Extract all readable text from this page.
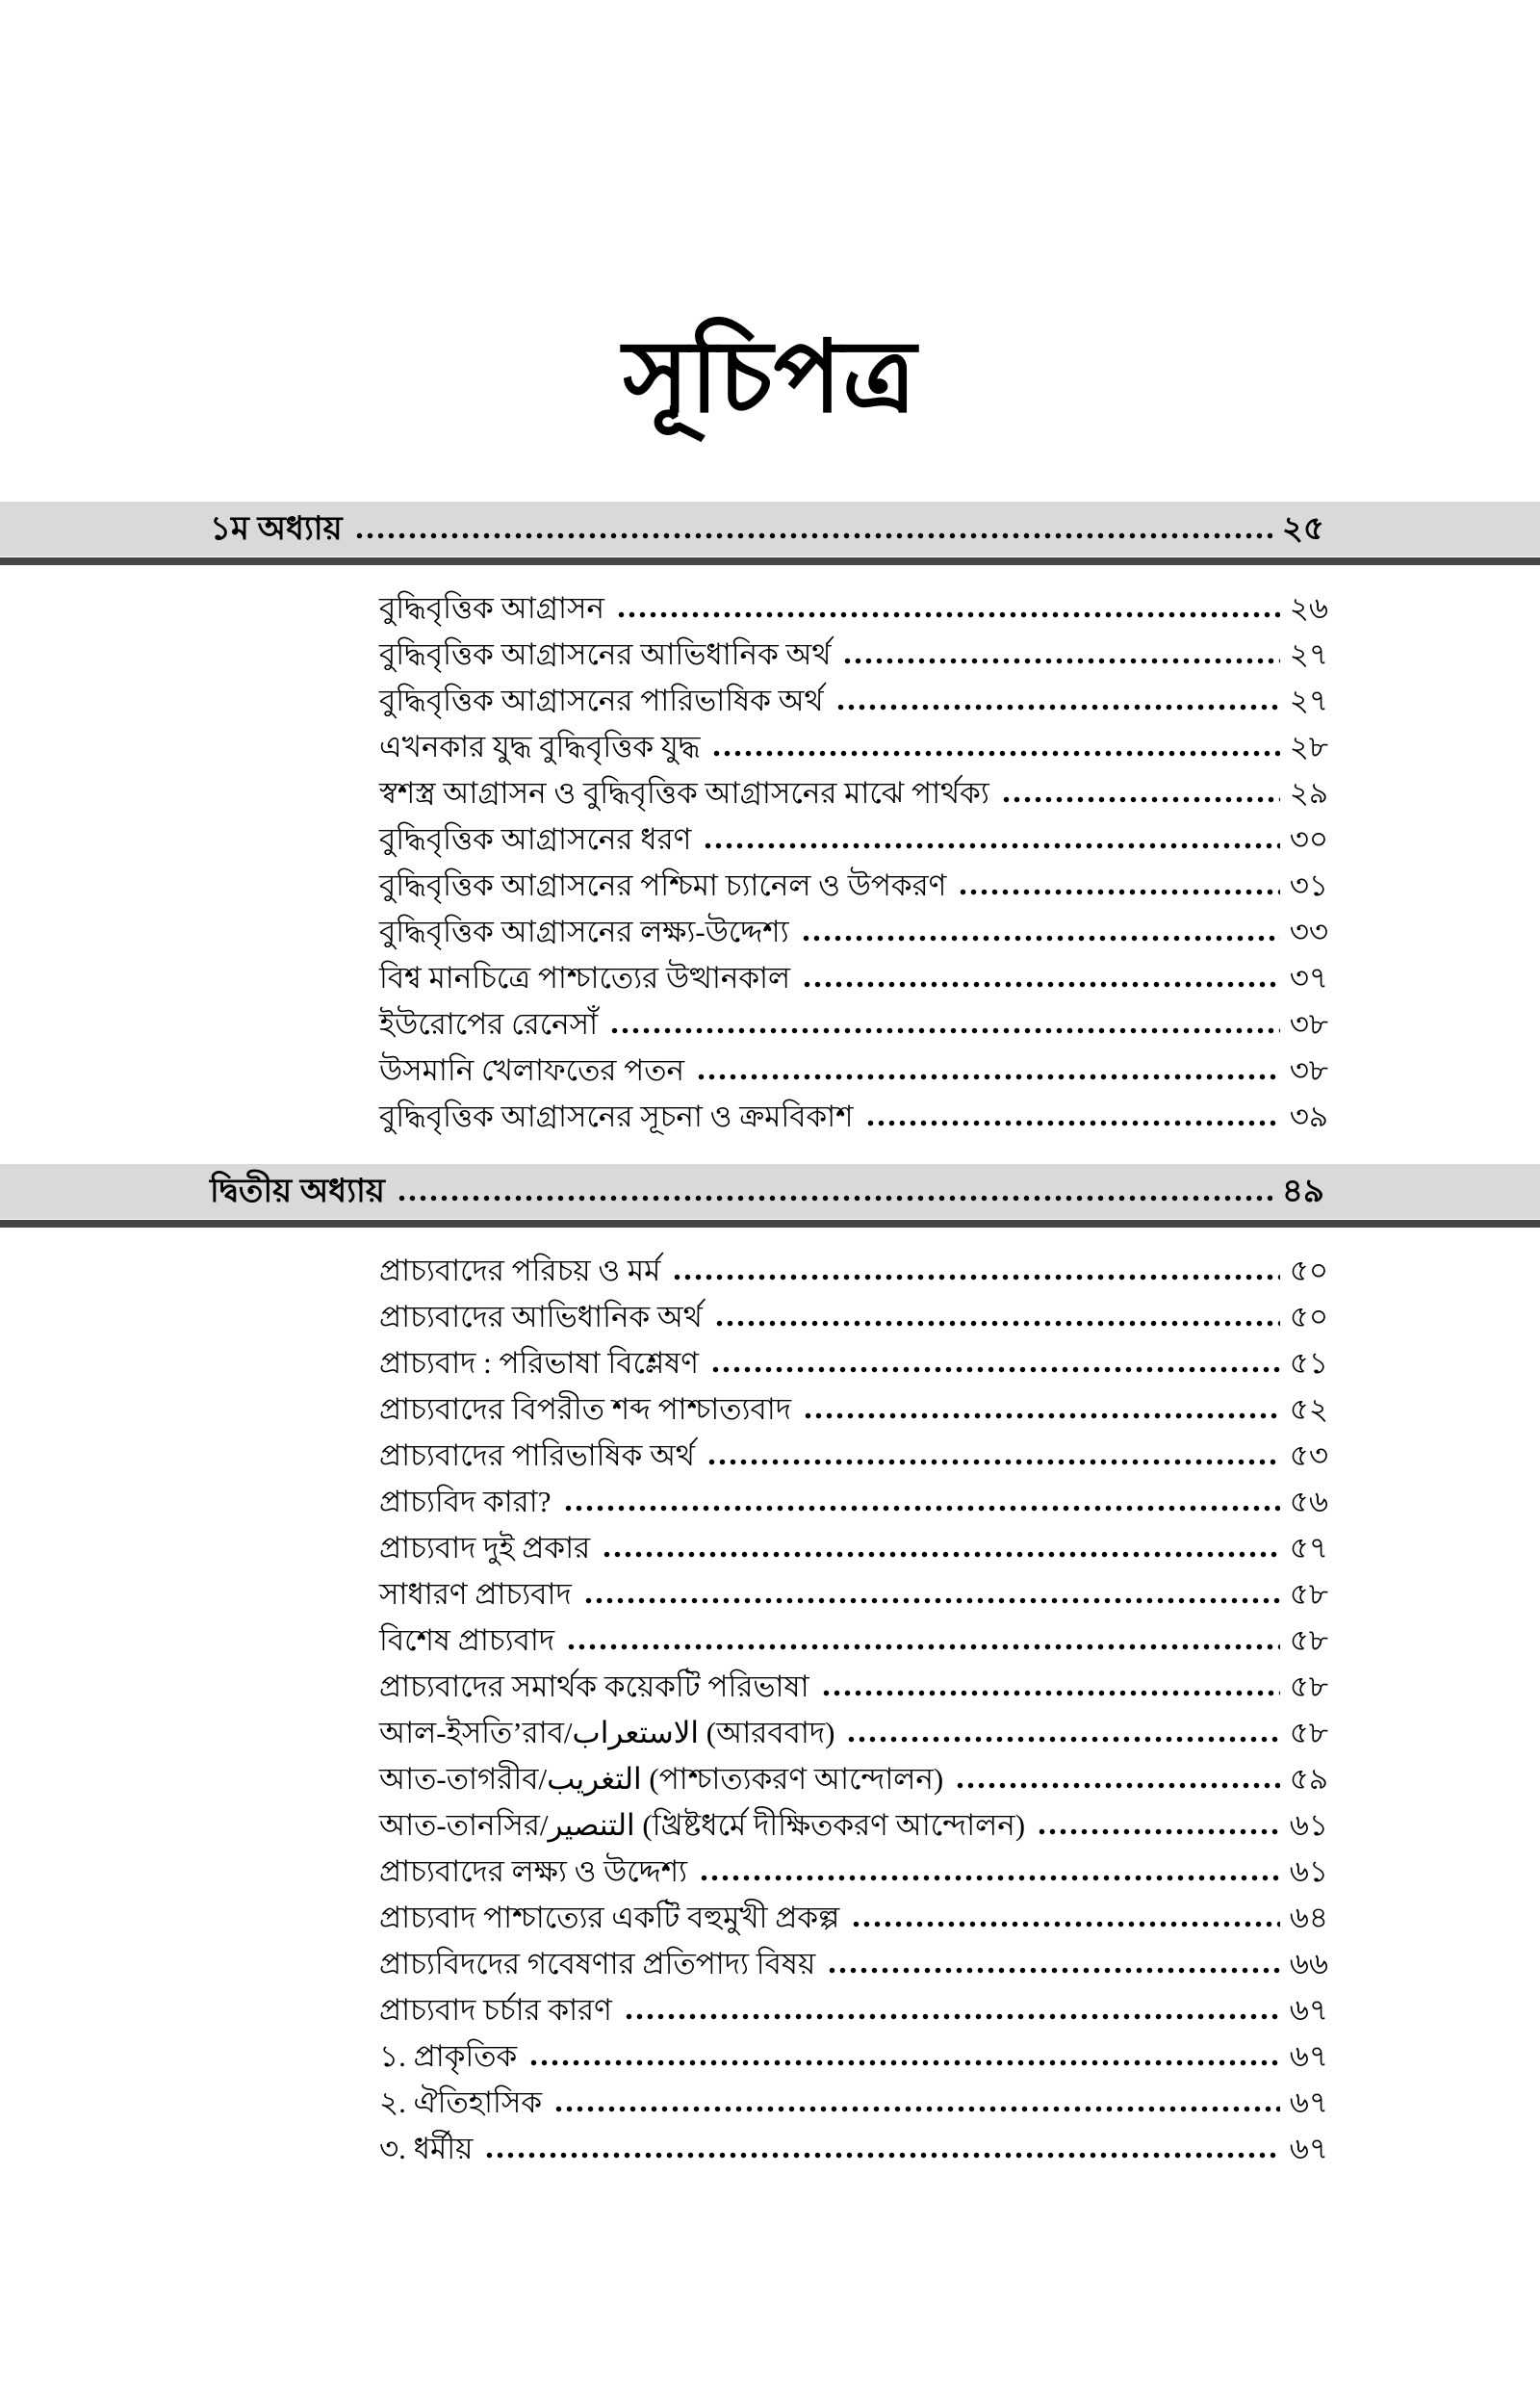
সূচিপত্র
১ম অধ্যায়	২৫
বুদ্ধিবৃত্তিক আগ্রাসন	২৬
বুদ্ধিবৃত্তিক আগ্রাসনের আভিধানিক অর্থ	২৭
বুদ্ধিবৃত্তিক আগ্রাসনের পারিভাষিক অর্থ	২৭
এখনকার যুদ্ধ বুদ্ধিবৃত্তিক যুদ্ধ	২৮
স্বশস্ত্র আগ্রাসন ও বুদ্ধিবৃত্তিক আগ্রাসনের মাঝে পার্থক্য	২৯
বুদ্ধিবৃত্তিক আগ্রাসনের ধরণ	৩০
বুদ্ধিবৃত্তিক আগ্রাসনের পশ্চিমা চ্যানেল ও উপকরণ	৩১
বুদ্ধিবৃত্তিক আগ্রাসনের লক্ষ্য-উদ্দেশ্য	৩৩
বিশ্ব মানচিত্রে পাশ্চাত্যের উত্থানকাল	৩৭
ইউরোপের রেনেসাঁ	৩৮
উসমানি খেলাফতের পতন	৩৮
বুদ্ধিবৃত্তিক আগ্রাসনের সূচনা ও ক্রমবিকাশ	৩৯
দ্বিতীয় অধ্যায়	৪৯
প্রাচ্যবাদের পরিচয় ও মর্ম	৫০
প্রাচ্যবাদের আভিধানিক অর্থ	৫০
প্রাচ্যবাদ : পরিভাষা বিশ্লেষণ	৫১
প্রাচ্যবাদের বিপরীত শব্দ পাশ্চাত্যবাদ	৫২
প্রাচ্যবাদের পারিভাষিক অর্থ	৫৩
প্রাচ্যবিদ কারা?	৫৬
প্রাচ্যবাদ দুই প্রকার	৫৭
সাধারণ প্রাচ্যবাদ	৫৮
বিশেষ প্রাচ্যবাদ	৫৮
প্রাচ্যবাদের সমার্থক কয়েকটি পরিভাষা	৫৮
আল-ইসতি’রাব/الاستعراب (আরববাদ)	৫৮
আত-তাগরীব/التغريب (পাশ্চাত্যকরণ আন্দোলন)	৫৯
আত-তানসির/التنصير (খ্রিষ্টধর্মে দীক্ষিতকরণ আন্দোলন)	৬১
প্রাচ্যবাদের লক্ষ্য ও উদ্দেশ্য	৬১
প্রাচ্যবাদ পাশ্চাত্যের একটি বহুমুখী প্রকল্প	৬৪
প্রাচ্যবিদদের গবেষণার প্রতিপাদ্য বিষয়	৬৬
প্রাচ্যবাদ চর্চার কারণ	৬৭
১. প্রাকৃতিক	৬৭
২. ঐতিহাসিক	৬৭
৩. ধর্মীয়	৬৭
